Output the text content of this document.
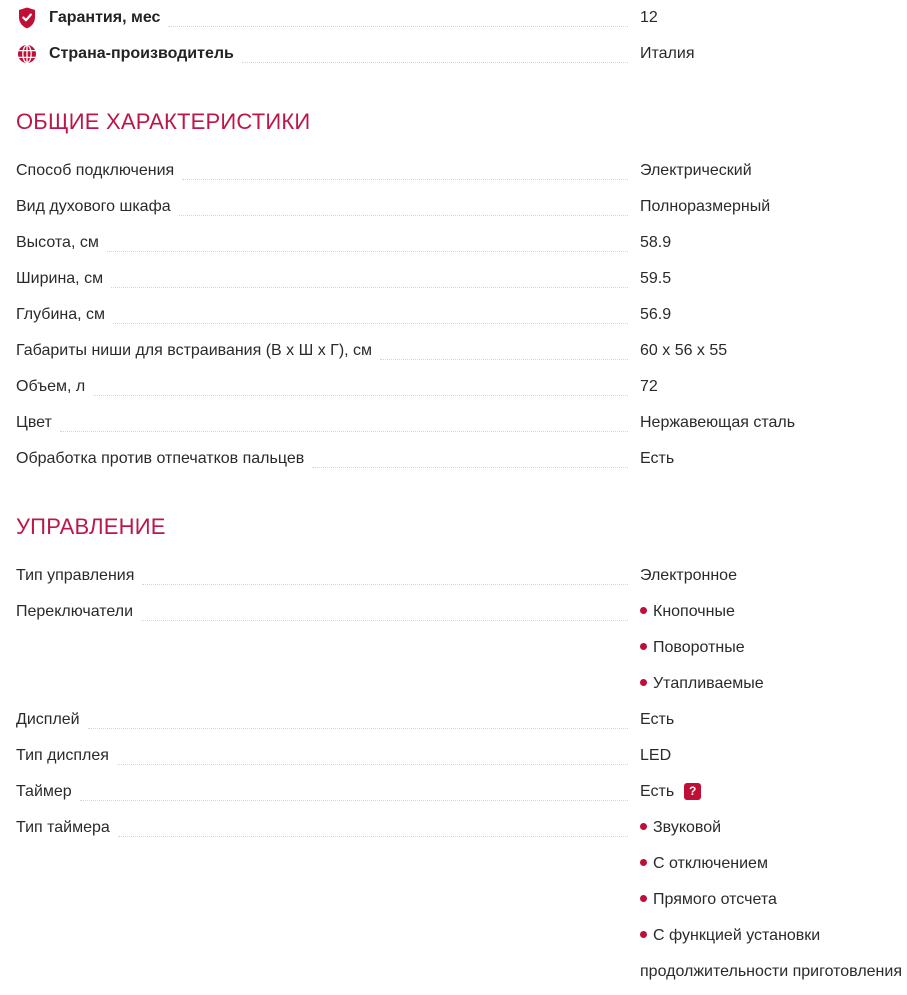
Гарантия, мес	12
Страна-производитель	Италия
ОБЩИЕ ХАРАКТЕРИСТИКИ
Способ подключения	Электрический
Вид духового шкафа	Полноразмерный
Высота, см	58.9
Ширина, см	59.5
Глубина, см	56.9
Габариты ниши для встраивания (В х Ш х Г), см	60 х 56 х 55
Объем, л	72
Цвет	Нержавеющая сталь
Обработка против отпечатков пальцев	Есть
УПРАВЛЕНИЕ
Тип управления	Электронное
Переключатели	Кнопочные
Поворотные
Утапливаемые
Дисплей	Есть
Тип дисплея	LED
Таймер	Есть ?
Тип таймера	Звуковой
С отключением
Прямого отсчета
С функцией установки продолжительности приготовления
